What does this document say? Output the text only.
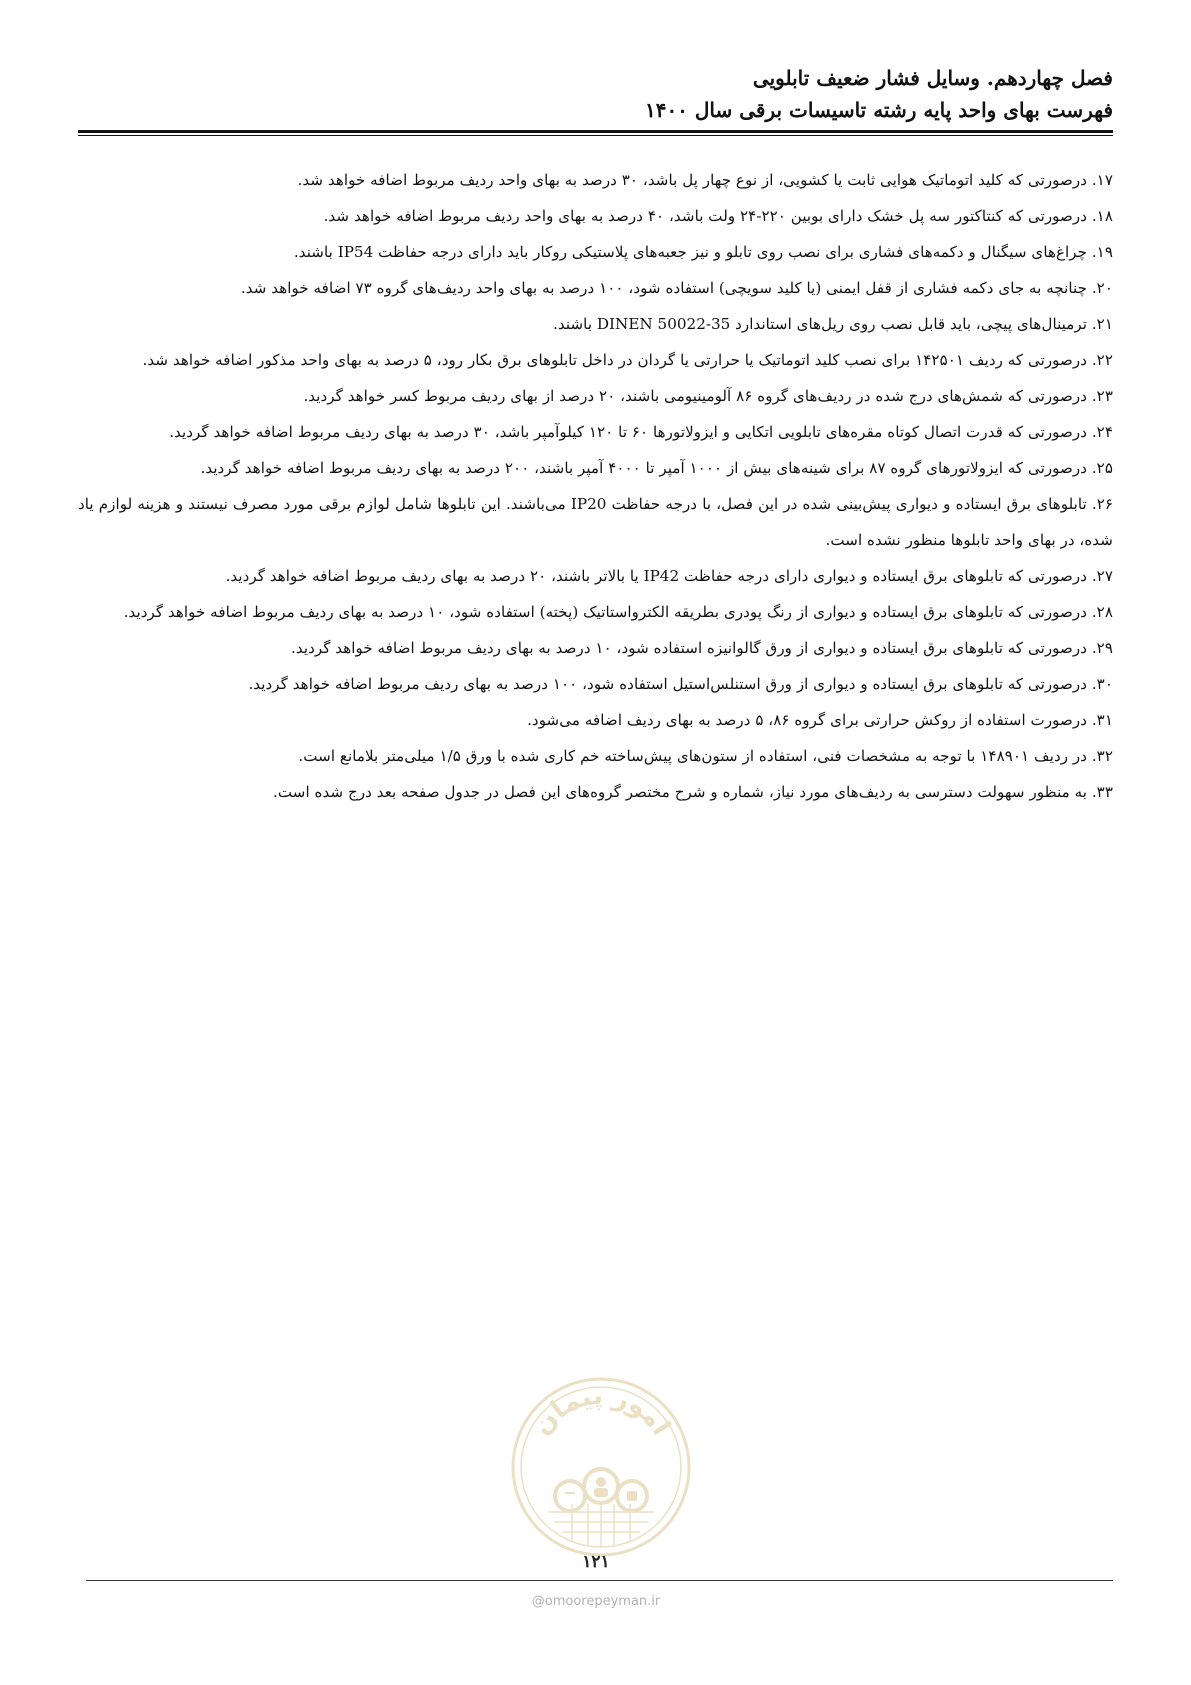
فصل چهاردهم. وسایل فشار ضعیف تابلویی
فهرست بهای واحد پایه رشته تاسیسات برقی سال ۱۴۰۰

۱۷. درصورتی که کلید اتوماتیک هوایی ثابت یا کشویی، از نوع چهار پل باشد، ۳۰ درصد به بهای واحد ردیف مربوط اضافه خواهد شد.

۱۸. درصورتی که کنتاکتور سه پل خشک دارای بوبین ۲۲۰-۲۴ ولت باشد، ۴۰ درصد به بهای واحد ردیف مربوط اضافه خواهد شد.

۱۹. چراغ‌های سیگنال و دکمه‌های فشاری برای نصب روی تابلو و نیز جعبه‌های پلاستیکی روکار باید دارای درجه حفاظت IP54 باشند.

۲۰. چنانچه به جای دکمه فشاری از قفل ایمنی (یا کلید سویچی) استفاده شود، ۱۰۰ درصد به بهای واحد ردیف‌های گروه ۷۳ اضافه خواهد شد.

۲۱. ترمینال‌های پیچی، باید قابل نصب روی ریل‌های استاندارد DINEN 50022-35 باشند.

۲۲. درصورتی که ردیف ۱۴۲۵۰۱ برای نصب کلید اتوماتیک یا حرارتی یا گردان در داخل تابلوهای برق بکار رود، ۵ درصد به بهای واحد مذکور اضافه خواهد شد.

۲۳. درصورتی که شمش‌های درج شده در ردیف‌های گروه ۸۶ آلومینیومی باشند، ۲۰ درصد از بهای ردیف مربوط کسر خواهد گردید.

۲۴. درصورتی که قدرت اتصال کوتاه مقره‌های تابلویی اتکایی و ایزولاتورها ۶۰ تا ۱۲۰ کیلوآمپر باشد، ۳۰ درصد به بهای ردیف مربوط اضافه خواهد گردید.

۲۵. درصورتی که ایزولاتورهای گروه ۸۷ برای شینه‌های بیش از ۱۰۰۰ آمپر تا ۴۰۰۰ آمپر باشند، ۲۰۰ درصد به بهای ردیف مربوط اضافه خواهد گردید.

۲۶. تابلوهای برق ایستاده و دیواری پیش‌بینی شده در این فصل، با درجه حفاظت IP20 می‌باشند. این تابلوها شامل لوازم برقی مورد مصرف نیستند و هزینه لوازم یاد شده، در بهای واحد تابلوها منظور نشده است.

۲۷. درصورتی که تابلوهای برق ایستاده و دیواری دارای درجه حفاظت IP42 یا بالاتر باشند، ۲۰ درصد به بهای ردیف مربوط اضافه خواهد گردید.

۲۸. درصورتی که تابلوهای برق ایستاده و دیواری از رنگ پودری بطریقه الکترواستاتیک (پخته) استفاده شود، ۱۰ درصد به بهای ردیف مربوط اضافه خواهد گردید.

۲۹. درصورتی که تابلوهای برق ایستاده و دیواری از ورق گالوانیزه استفاده شود، ۱۰ درصد به بهای ردیف مربوط اضافه خواهد گردید.

۳۰. درصورتی که تابلوهای برق ایستاده و دیواری از ورق استنلس‌استیل استفاده شود، ۱۰۰ درصد به بهای ردیف مربوط اضافه خواهد گردید.

۳۱. درصورت استفاده از روکش حرارتی برای گروه ۸۶، ۵ درصد به بهای ردیف اضافه می‌شود.

۳۲. در ردیف ۱۴۸۹۰۱ با توجه به مشخصات فنی، استفاده از ستون‌های پیش‌ساخته خم کاری شده با ورق ۱/۵ میلی‌متر بلامانع است.

۳۳. به منظور سهولت دسترسی به ردیف‌های مورد نیاز، شماره و شرح مختصر گروه‌های این فصل در جدول صفحه بعد درج شده است.

امور پیمان
۱۲۱
@omoorepeyman.ir
